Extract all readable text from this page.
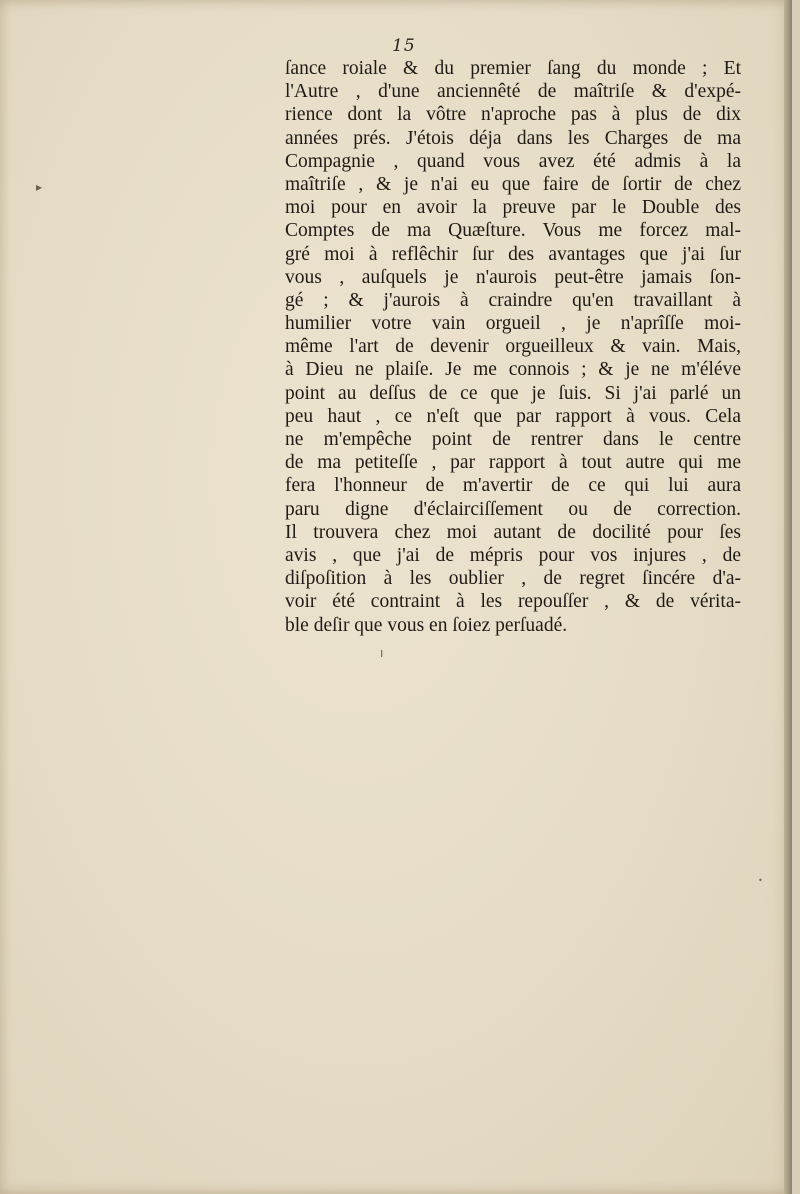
15
ſance roiale & du premier ſang du monde ; Et
l'Autre , d'une anciennêté de maîtriſe & d'expé-
rience dont la vôtre n'aproche pas à plus de dix
années prés. J'étois déja dans les Charges de ma
Compagnie , quand vous avez été admis à la
maîtriſe , & je n'ai eu que faire de ſortir de chez
moi pour en avoir la preuve par le Double des
Comptes de ma Quæſture. Vous me forcez mal-
gré moi à reflêchir ſur des avantages que j'ai ſur
vous , auſquels je n'aurois peut-être jamais ſon-
gé ; & j'aurois à craindre qu'en travaillant à
humilier votre vain orgueil , je n'aprîſſe moi-
même l'art de devenir orgueilleux & vain. Mais,
à Dieu ne plaiſe. Je me connois ; & je ne m'éléve
point au deſſus de ce que je ſuis. Si j'ai parlé un
peu haut , ce n'eſt que par rapport à vous. Cela
ne m'empêche point de rentrer dans le centre
de ma petiteſſe , par rapport à tout autre qui me
fera l'honneur de m'avertir de ce qui lui aura
paru digne d'éclairciſſement ou de correction.
Il trouvera chez moi autant de docilité pour ſes
avis , que j'ai de mépris pour vos injures , de
diſpoſition à les oublier , de regret ſincére d'a-
voir été contraint à les repouſſer , & de vérita-
ble deſir que vous en ſoiez perſuadé.
▸
ı
•
